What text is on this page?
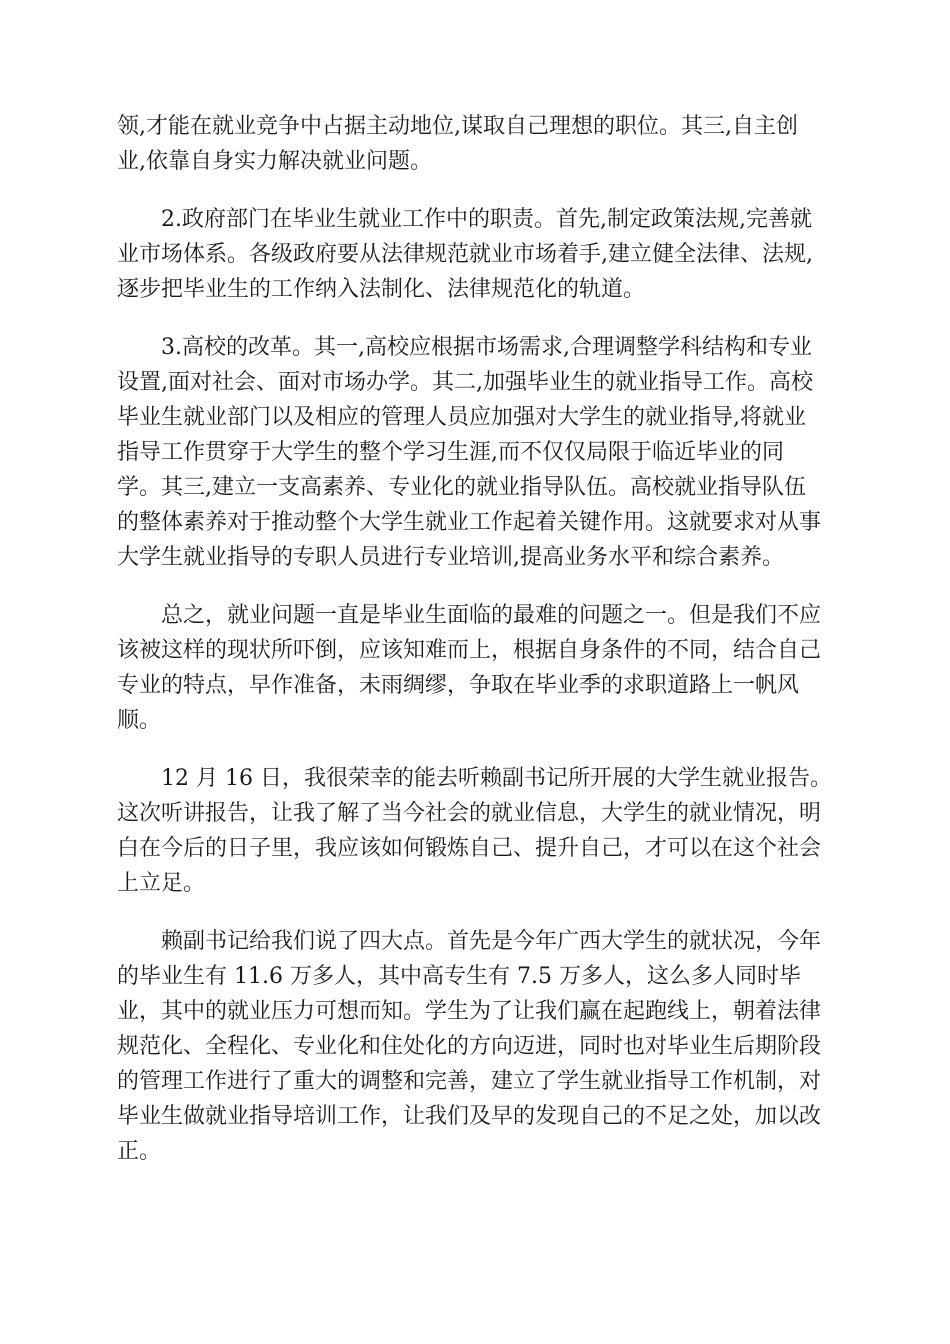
领,才能在就业竞争中占据主动地位,谋取自己理想的职位。其三,自主创
业,依靠自身实力解决就业问题。

2.政府部门在毕业生就业工作中的职责。首先,制定政策法规,完善就
业市场体系。各级政府要从法律规范就业市场着手,建立健全法律、法规,
逐步把毕业生的工作纳入法制化、法律规范化的轨道。

3.高校的改革。其一,高校应根据市场需求,合理调整学科结构和专业
设置,面对社会、面对市场办学。其二,加强毕业生的就业指导工作。高校
毕业生就业部门以及相应的管理人员应加强对大学生的就业指导,将就业
指导工作贯穿于大学生的整个学习生涯,而不仅仅局限于临近毕业的同
学。其三,建立一支高素养、专业化的就业指导队伍。高校就业指导队伍
的整体素养对于推动整个大学生就业工作起着关键作用。这就要求对从事
大学生就业指导的专职人员进行专业培训,提高业务水平和综合素养。

总之，就业问题一直是毕业生面临的最难的问题之一。但是我们不应
该被这样的现状所吓倒，应该知难而上，根据自身条件的不同，结合自己
专业的特点，早作准备，未雨绸缪，争取在毕业季的求职道路上一帆风
顺。

12 月 16 日，我很荣幸的能去听赖副书记所开展的大学生就业报告。
这次听讲报告，让我了解了当今社会的就业信息，大学生的就业情况，明
白在今后的日子里，我应该如何锻炼自己、提升自己，才可以在这个社会
上立足。

赖副书记给我们说了四大点。首先是今年广西大学生的就状况，今年
的毕业生有 11.6 万多人，其中高专生有 7.5 万多人，这么多人同时毕
业，其中的就业压力可想而知。学生为了让我们赢在起跑线上，朝着法律
规范化、全程化、专业化和住处化的方向迈进，同时也对毕业生后期阶段
的管理工作进行了重大的调整和完善，建立了学生就业指导工作机制，对
毕业生做就业指导培训工作，让我们及早的发现自己的不足之处，加以改
正。
